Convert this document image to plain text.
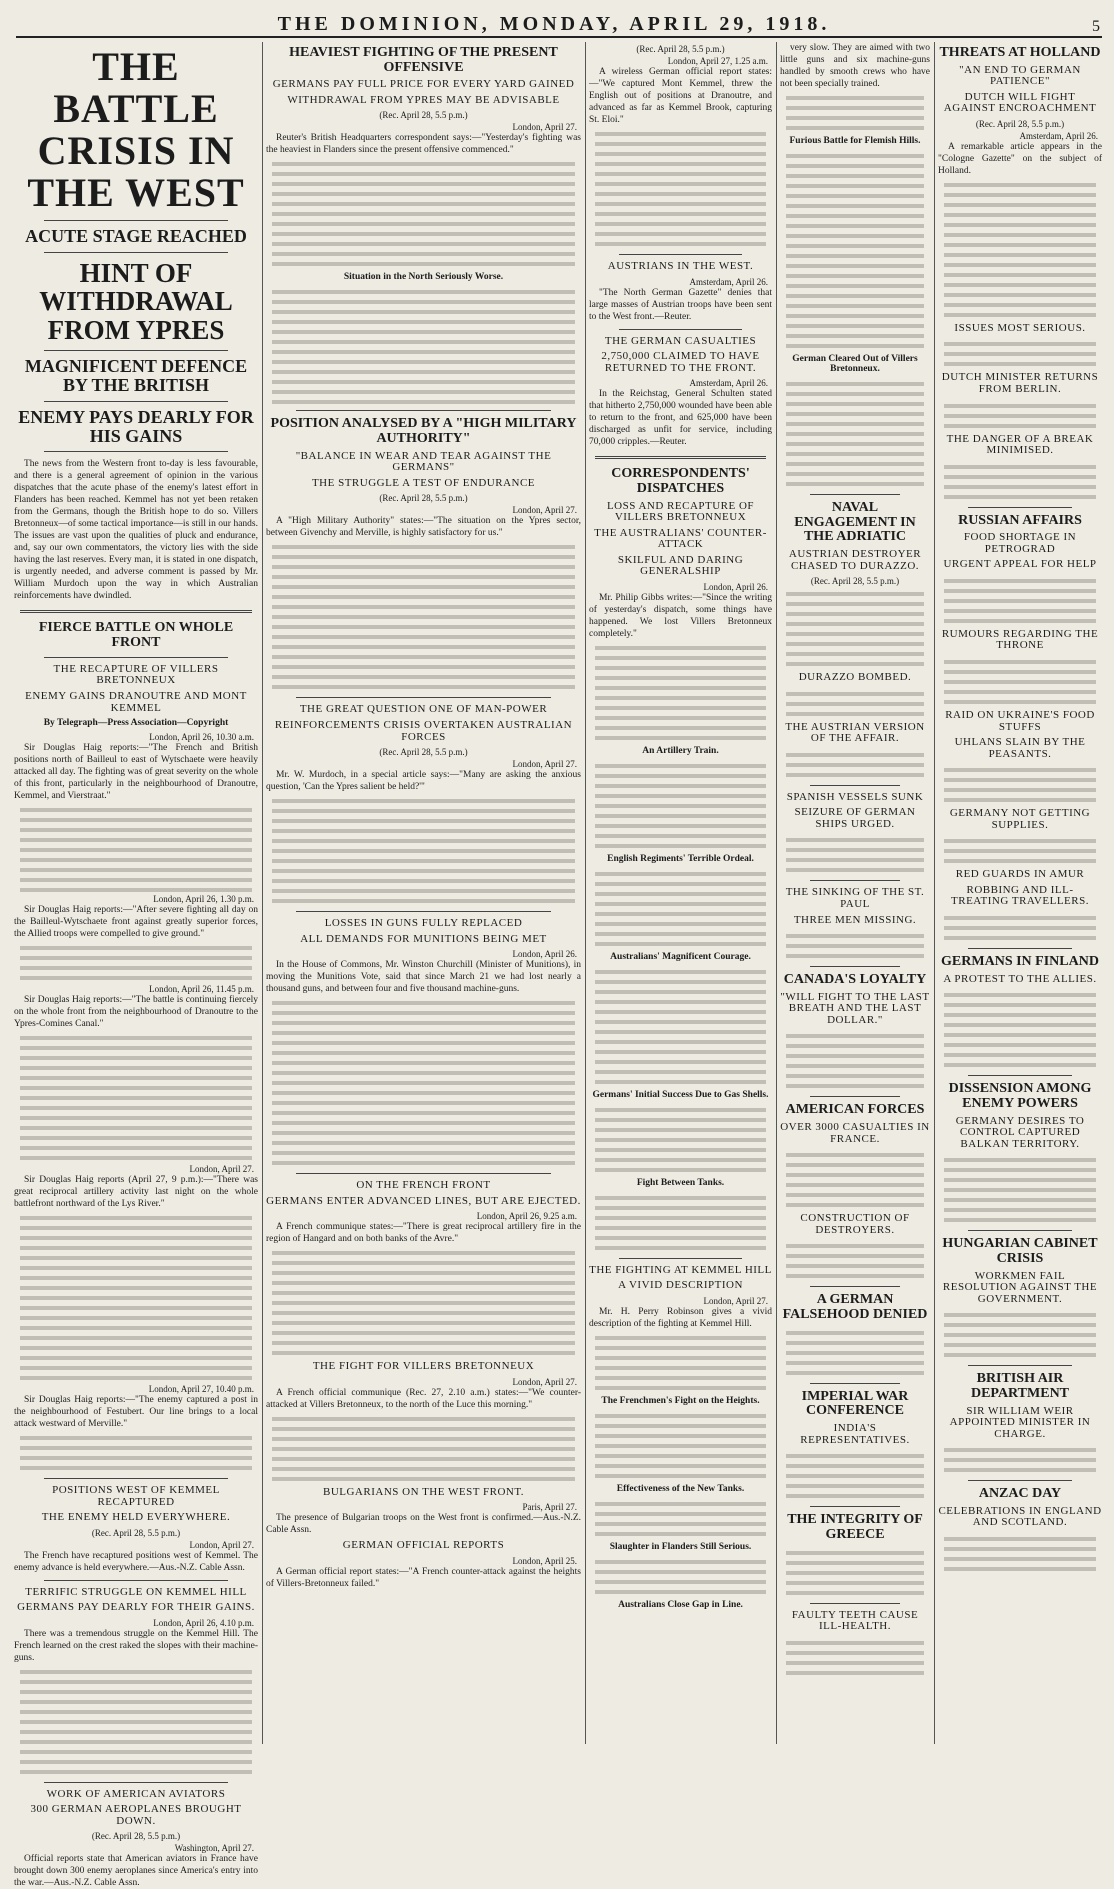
THE DOMINION, MONDAY, APRIL 29, 1918.	5
THE BATTLE CRISIS IN THE WEST
ACUTE STAGE REACHED
HINT OF WITHDRAWAL FROM YPRES
MAGNIFICENT DEFENCE BY THE BRITISH
ENEMY PAYS DEARLY FOR HIS GAINS

The news from the Western front to-day is less favourable, and there is a general agreement of opinion in the various dispatches that the acute phase of the enemy's latest effort in Flanders has been reached. Kemmel has not yet been retaken from the Germans, though the British hope to do so. Villers Bretonneux—of some tactical importance—is still in our hands. The issues are vast upon the qualities of pluck and endurance, and, say our own commentators, the victory lies with the side having the last reserves. Every man, it is stated in one dispatch, is urgently needed, and adverse comment is passed by Mr. William Murdoch upon the way in which Australian reinforcements have dwindled.

FIERCE BATTLE ON WHOLE FRONT
THE RECAPTURE OF VILLERS BRETONNEUX
ENEMY GAINS DRANOUTRE AND MONT KEMMEL
By Telegraph—Press Association—Copyright
London, April 26, 10.30 a.m.

Sir Douglas Haig reports:—"The French and British positions north of Bailleul to east of Wytschaete were heavily attacked all day. The fighting was of great severity on the whole of this front, particularly in the neighbourhood of Dranoutre, Kemmel, and Vierstraat."

London, April 26, 1.30 p.m.

Sir Douglas Haig reports:—"After severe fighting all day on the Bailleul-Wytschaete front against greatly superior forces, the Allied troops were compelled to give ground."

London, April 26, 11.45 p.m.

Sir Douglas Haig reports:—"The battle is continuing fiercely on the whole front from the neighbourhood of Dranoutre to the Ypres-Comines Canal."

London, April 27.

Sir Douglas Haig reports (April 27, 9 p.m.):—"There was great reciprocal artillery activity last night on the whole battlefront northward of the Lys River."

London, April 27, 10.40 p.m.

Sir Douglas Haig reports:—"The enemy captured a post in the neighbourhood of Festubert. Our line brings to a local attack westward of Merville."

POSITIONS WEST OF KEMMEL RECAPTURED
THE ENEMY HELD EVERYWHERE.
(Rec. April 28, 5.5 p.m.)
London, April 27.

The French have recaptured positions west of Kemmel. The enemy advance is held everywhere.—Aus.-N.Z. Cable Assn.

TERRIFIC STRUGGLE ON KEMMEL HILL
GERMANS PAY DEARLY FOR THEIR GAINS.
London, April 26, 4.10 p.m.

There was a tremendous struggle on the Kemmel Hill. The French learned on the crest raked the slopes with their machine-guns.

WORK OF AMERICAN AVIATORS
300 GERMAN AEROPLANES BROUGHT DOWN.
(Rec. April 28, 5.5 p.m.)
Washington, April 27.

Official reports state that American aviators in France have brought down 300 enemy aeroplanes since America's entry into the war.—Aus.-N.Z. Cable Assn.

HEAVIEST FIGHTING OF THE PRESENT OFFENSIVE
GERMANS PAY FULL PRICE FOR EVERY YARD GAINED
WITHDRAWAL FROM YPRES MAY BE ADVISABLE
(Rec. April 28, 5.5 p.m.)
London, April 27.

Reuter's British Headquarters correspondent says:—"Yesterday's fighting was the heaviest in Flanders since the present offensive commenced."

Situation in the North Seriously Worse.
POSITION ANALYSED BY A "HIGH MILITARY AUTHORITY"
"BALANCE IN WEAR AND TEAR AGAINST THE GERMANS"
THE STRUGGLE A TEST OF ENDURANCE
(Rec. April 28, 5.5 p.m.)
London, April 27.

A "High Military Authority" states:—"The situation on the Ypres sector, between Givenchy and Merville, is highly satisfactory for us."

THE GREAT QUESTION ONE OF MAN-POWER
REINFORCEMENTS CRISIS OVERTAKEN AUSTRALIAN FORCES
(Rec. April 28, 5.5 p.m.)
London, April 27.

Mr. W. Murdoch, in a special article says:—"Many are asking the anxious question, 'Can the Ypres salient be held?'"

LOSSES IN GUNS FULLY REPLACED
ALL DEMANDS FOR MUNITIONS BEING MET
London, April 26.

In the House of Commons, Mr. Winston Churchill (Minister of Munitions), in moving the Munitions Vote, said that since March 21 we had lost nearly a thousand guns, and between four and five thousand machine-guns.

ON THE FRENCH FRONT
GERMANS ENTER ADVANCED LINES, BUT ARE EJECTED.
London, April 26, 9.25 a.m.

A French communique states:—"There is great reciprocal artillery fire in the region of Hangard and on both banks of the Avre."

THE FIGHT FOR VILLERS BRETONNEUX
London, April 27.

A French official communique (Rec. 27, 2.10 a.m.) states:—"We counter-attacked at Villers Bretonneux, to the north of the Luce this morning."

BULGARIANS ON THE WEST FRONT.
Paris, April 27.

The presence of Bulgarian troops on the West front is confirmed.—Aus.-N.Z. Cable Assn.

GERMAN OFFICIAL REPORTS
London, April 25.

A German official report states:—"A French counter-attack against the heights of Villers-Bretonneux failed."

(Rec. April 28, 5.5 p.m.)
London, April 27, 1.25 a.m.

A wireless German official report states:—"We captured Mont Kemmel, threw the English out of positions at Dranoutre, and advanced as far as Kemmel Brook, capturing St. Eloi."

AUSTRIANS IN THE WEST.
Amsterdam, April 26.

"The North German Gazette" denies that large masses of Austrian troops have been sent to the West front.—Reuter.

THE GERMAN CASUALTIES
2,750,000 CLAIMED TO HAVE RETURNED TO THE FRONT.
Amsterdam, April 26.

In the Reichstag, General Schulten stated that hitherto 2,750,000 wounded have been able to return to the front, and 625,000 have been discharged as unfit for service, including 70,000 cripples.—Reuter.

CORRESPONDENTS' DISPATCHES
LOSS AND RECAPTURE OF VILLERS BRETONNEUX
THE AUSTRALIANS' COUNTER-ATTACK
SKILFUL AND DARING GENERALSHIP
London, April 26.

Mr. Philip Gibbs writes:—"Since the writing of yesterday's dispatch, some things have happened. We lost Villers Bretonneux completely."

An Artillery Train.
English Regiments' Terrible Ordeal.
Australians' Magnificent Courage.
Germans' Initial Success Due to Gas Shells.
Fight Between Tanks.
THE FIGHTING AT KEMMEL HILL
A VIVID DESCRIPTION
London, April 27.

Mr. H. Perry Robinson gives a vivid description of the fighting at Kemmel Hill.

The Frenchmen's Fight on the Heights.
Effectiveness of the New Tanks.
Slaughter in Flanders Still Serious.
Australians Close Gap in Line.

very slow. They are aimed with two little guns and six machine-guns handled by smooth crews who have not been specially trained.

Furious Battle for Flemish Hills.
German Cleared Out of Villers Bretonneux.
NAVAL ENGAGEMENT IN THE ADRIATIC
AUSTRIAN DESTROYER CHASED TO DURAZZO.
(Rec. April 28, 5.5 p.m.)
DURAZZO BOMBED.
THE AUSTRIAN VERSION OF THE AFFAIR.
SPANISH VESSELS SUNK
SEIZURE OF GERMAN SHIPS URGED.
THE SINKING OF THE ST. PAUL
THREE MEN MISSING.
CANADA'S LOYALTY
"WILL FIGHT TO THE LAST BREATH AND THE LAST DOLLAR."
AMERICAN FORCES
OVER 3000 CASUALTIES IN FRANCE.
CONSTRUCTION OF DESTROYERS.
A GERMAN FALSEHOOD DENIED
IMPERIAL WAR CONFERENCE
INDIA'S REPRESENTATIVES.
THE INTEGRITY OF GREECE
FAULTY TEETH CAUSE ILL-HEALTH.
THREATS AT HOLLAND
"AN END TO GERMAN PATIENCE"
DUTCH WILL FIGHT AGAINST ENCROACHMENT
(Rec. April 28, 5.5 p.m.)
Amsterdam, April 26.

A remarkable article appears in the "Cologne Gazette" on the subject of Holland.

ISSUES MOST SERIOUS.
DUTCH MINISTER RETURNS FROM BERLIN.
THE DANGER OF A BREAK MINIMISED.
RUSSIAN AFFAIRS
FOOD SHORTAGE IN PETROGRAD
URGENT APPEAL FOR HELP
RUMOURS REGARDING THE THRONE
RAID ON UKRAINE'S FOOD STUFFS
UHLANS SLAIN BY THE PEASANTS.
GERMANY NOT GETTING SUPPLIES.
RED GUARDS IN AMUR
ROBBING AND ILL-TREATING TRAVELLERS.
GERMANS IN FINLAND
A PROTEST TO THE ALLIES.
DISSENSION AMONG ENEMY POWERS
GERMANY DESIRES TO CONTROL CAPTURED BALKAN TERRITORY.
HUNGARIAN CABINET CRISIS
WORKMEN FAIL RESOLUTION AGAINST THE GOVERNMENT.
BRITISH AIR DEPARTMENT
SIR WILLIAM WEIR APPOINTED MINISTER IN CHARGE.
ANZAC DAY
CELEBRATIONS IN ENGLAND AND SCOTLAND.
